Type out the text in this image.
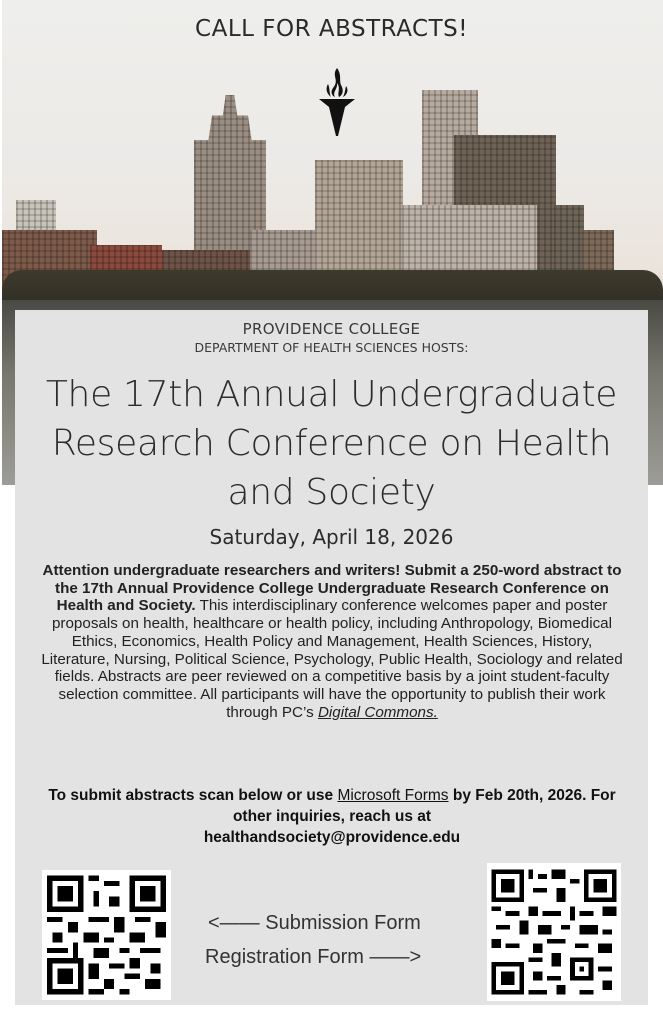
CALL FOR ABSTRACTS!
PROVIDENCE COLLEGE
DEPARTMENT OF HEALTH SCIENCES HOSTS:
The 17th Annual Undergraduate
Research Conference on Health
and Society
Saturday, April 18, 2026
Attention undergraduate researchers and writers! Submit a 250-word abstract to the 17th Annual Providence College Undergraduate Research Conference on Health and Society. This interdisciplinary conference welcomes paper and poster proposals on health, healthcare or health policy, including Anthropology, Biomedical Ethics, Economics, Health Policy and Management, Health Sciences, History, Literature, Nursing, Political Science, Psychology, Public Health, Sociology and related fields. Abstracts are peer reviewed on a competitive basis by a joint student-faculty selection committee. All participants will have the opportunity to publish their work through PC’s Digital Commons.
To submit abstracts scan below or use Microsoft Forms by Feb 20th, 2026. For other inquiries, reach us at
healthandsociety@providence.edu
<—— Submission Form
Registration Form ——>
